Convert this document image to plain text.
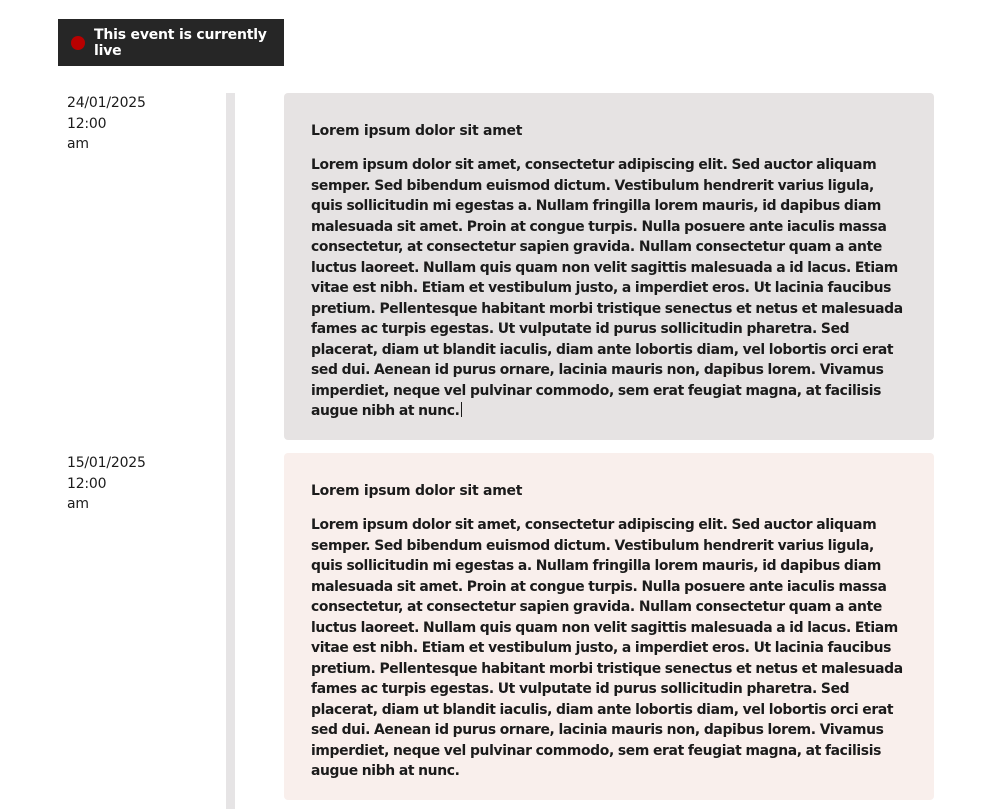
This event is currently live
24/01/2025
12:00
am

Lorem ipsum dolor sit amet

Lorem ipsum dolor sit amet, consectetur adipiscing elit. Sed auctor aliquam semper. Sed bibendum euismod dictum. Vestibulum hendrerit varius ligula, quis sollicitudin mi egestas a. Nullam fringilla lorem mauris, id dapibus diam malesuada sit amet. Proin at congue turpis. Nulla posuere ante iaculis massa consectetur, at consectetur sapien gravida. Nullam consectetur quam a ante luctus laoreet. Nullam quis quam non velit sagittis malesuada a id lacus. Etiam vitae est nibh. Etiam et vestibulum justo, a imperdiet eros. Ut lacinia faucibus pretium. Pellentesque habitant morbi tristique senectus et netus et malesuada fames ac turpis egestas. Ut vulputate id purus sollicitudin pharetra. Sed placerat, diam ut blandit iaculis, diam ante lobortis diam, vel lobortis orci erat sed dui. Aenean id purus ornare, lacinia mauris non, dapibus lorem. Vivamus imperdiet, neque vel pulvinar commodo, sem erat feugiat magna, at facilisis augue nibh at nunc.

15/01/2025
12:00
am

Lorem ipsum dolor sit amet

Lorem ipsum dolor sit amet, consectetur adipiscing elit. Sed auctor aliquam semper. Sed bibendum euismod dictum. Vestibulum hendrerit varius ligula, quis sollicitudin mi egestas a. Nullam fringilla lorem mauris, id dapibus diam malesuada sit amet. Proin at congue turpis. Nulla posuere ante iaculis massa consectetur, at consectetur sapien gravida. Nullam consectetur quam a ante luctus laoreet. Nullam quis quam non velit sagittis malesuada a id lacus. Etiam vitae est nibh. Etiam et vestibulum justo, a imperdiet eros. Ut lacinia faucibus pretium. Pellentesque habitant morbi tristique senectus et netus et malesuada fames ac turpis egestas. Ut vulputate id purus sollicitudin pharetra. Sed placerat, diam ut blandit iaculis, diam ante lobortis diam, vel lobortis orci erat sed dui. Aenean id purus ornare, lacinia mauris non, dapibus lorem. Vivamus imperdiet, neque vel pulvinar commodo, sem erat feugiat magna, at facilisis augue nibh at nunc.
